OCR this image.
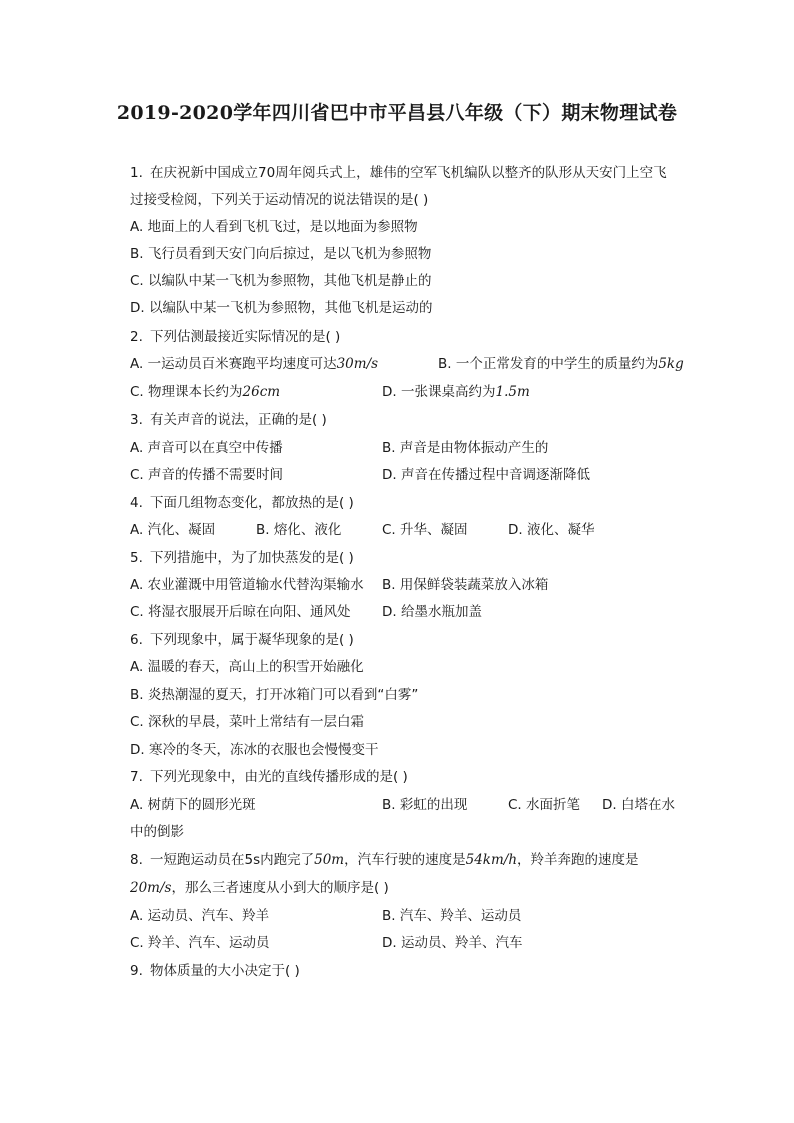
2019-2020学年四川省巴中市平昌县八年级（下）期末物理试卷
1. 在庆祝新中国成立70周年阅兵式上，雄伟的空军飞机编队以整齐的队形从天安门上空飞
过接受检阅，下列关于运动情况的说法错误的是( )
A. 地面上的人看到飞机飞过，是以地面为参照物
B. 飞行员看到天安门向后掠过，是以飞机为参照物
C. 以编队中某一飞机为参照物，其他飞机是静止的
D. 以编队中某一飞机为参照物，其他飞机是运动的
2. 下列估测最接近实际情况的是( )
A. 一运动员百米赛跑平均速度可达30m/s	B. 一个正常发育的中学生的质量约为5kg
C. 物理课本长约为26cm	D. 一张课桌高约为1.5m
3. 有关声音的说法，正确的是( )
A. 声音可以在真空中传播	B. 声音是由物体振动产生的
C. 声音的传播不需要时间	D. 声音在传播过程中音调逐渐降低
4. 下面几组物态变化，都放热的是( )
A. 汽化、凝固	B. 熔化、液化	C. 升华、凝固	D. 液化、凝华
5. 下列措施中，为了加快蒸发的是( )
A. 农业灌溉中用管道输水代替沟渠输水 B. 用保鲜袋装蔬菜放入冰箱
C. 将湿衣服展开后晾在向阳、通风处 D. 给墨水瓶加盖
6. 下列现象中，属于凝华现象的是( )
A. 温暖的春天，高山上的积雪开始融化
B. 炎热潮湿的夏天，打开冰箱门可以看到“白雾”
C. 深秋的早晨，菜叶上常结有一层白霜
D. 寒冷的冬天，冻冰的衣服也会慢慢变干
7. 下列光现象中，由光的直线传播形成的是( )
A. 树荫下的圆形光斑	B. 彩虹的出现	C. 水面折笔 D. 白塔在水
中的倒影
8. 一短跑运动员在5s内跑完了50m，汽车行驶的速度是54km/h，羚羊奔跑的速度是
20m/s，那么三者速度从小到大的顺序是( )
A. 运动员、汽车、羚羊	B. 汽车、羚羊、运动员
C. 羚羊、汽车、运动员	D. 运动员、羚羊、汽车
9. 物体质量的大小决定于( )
